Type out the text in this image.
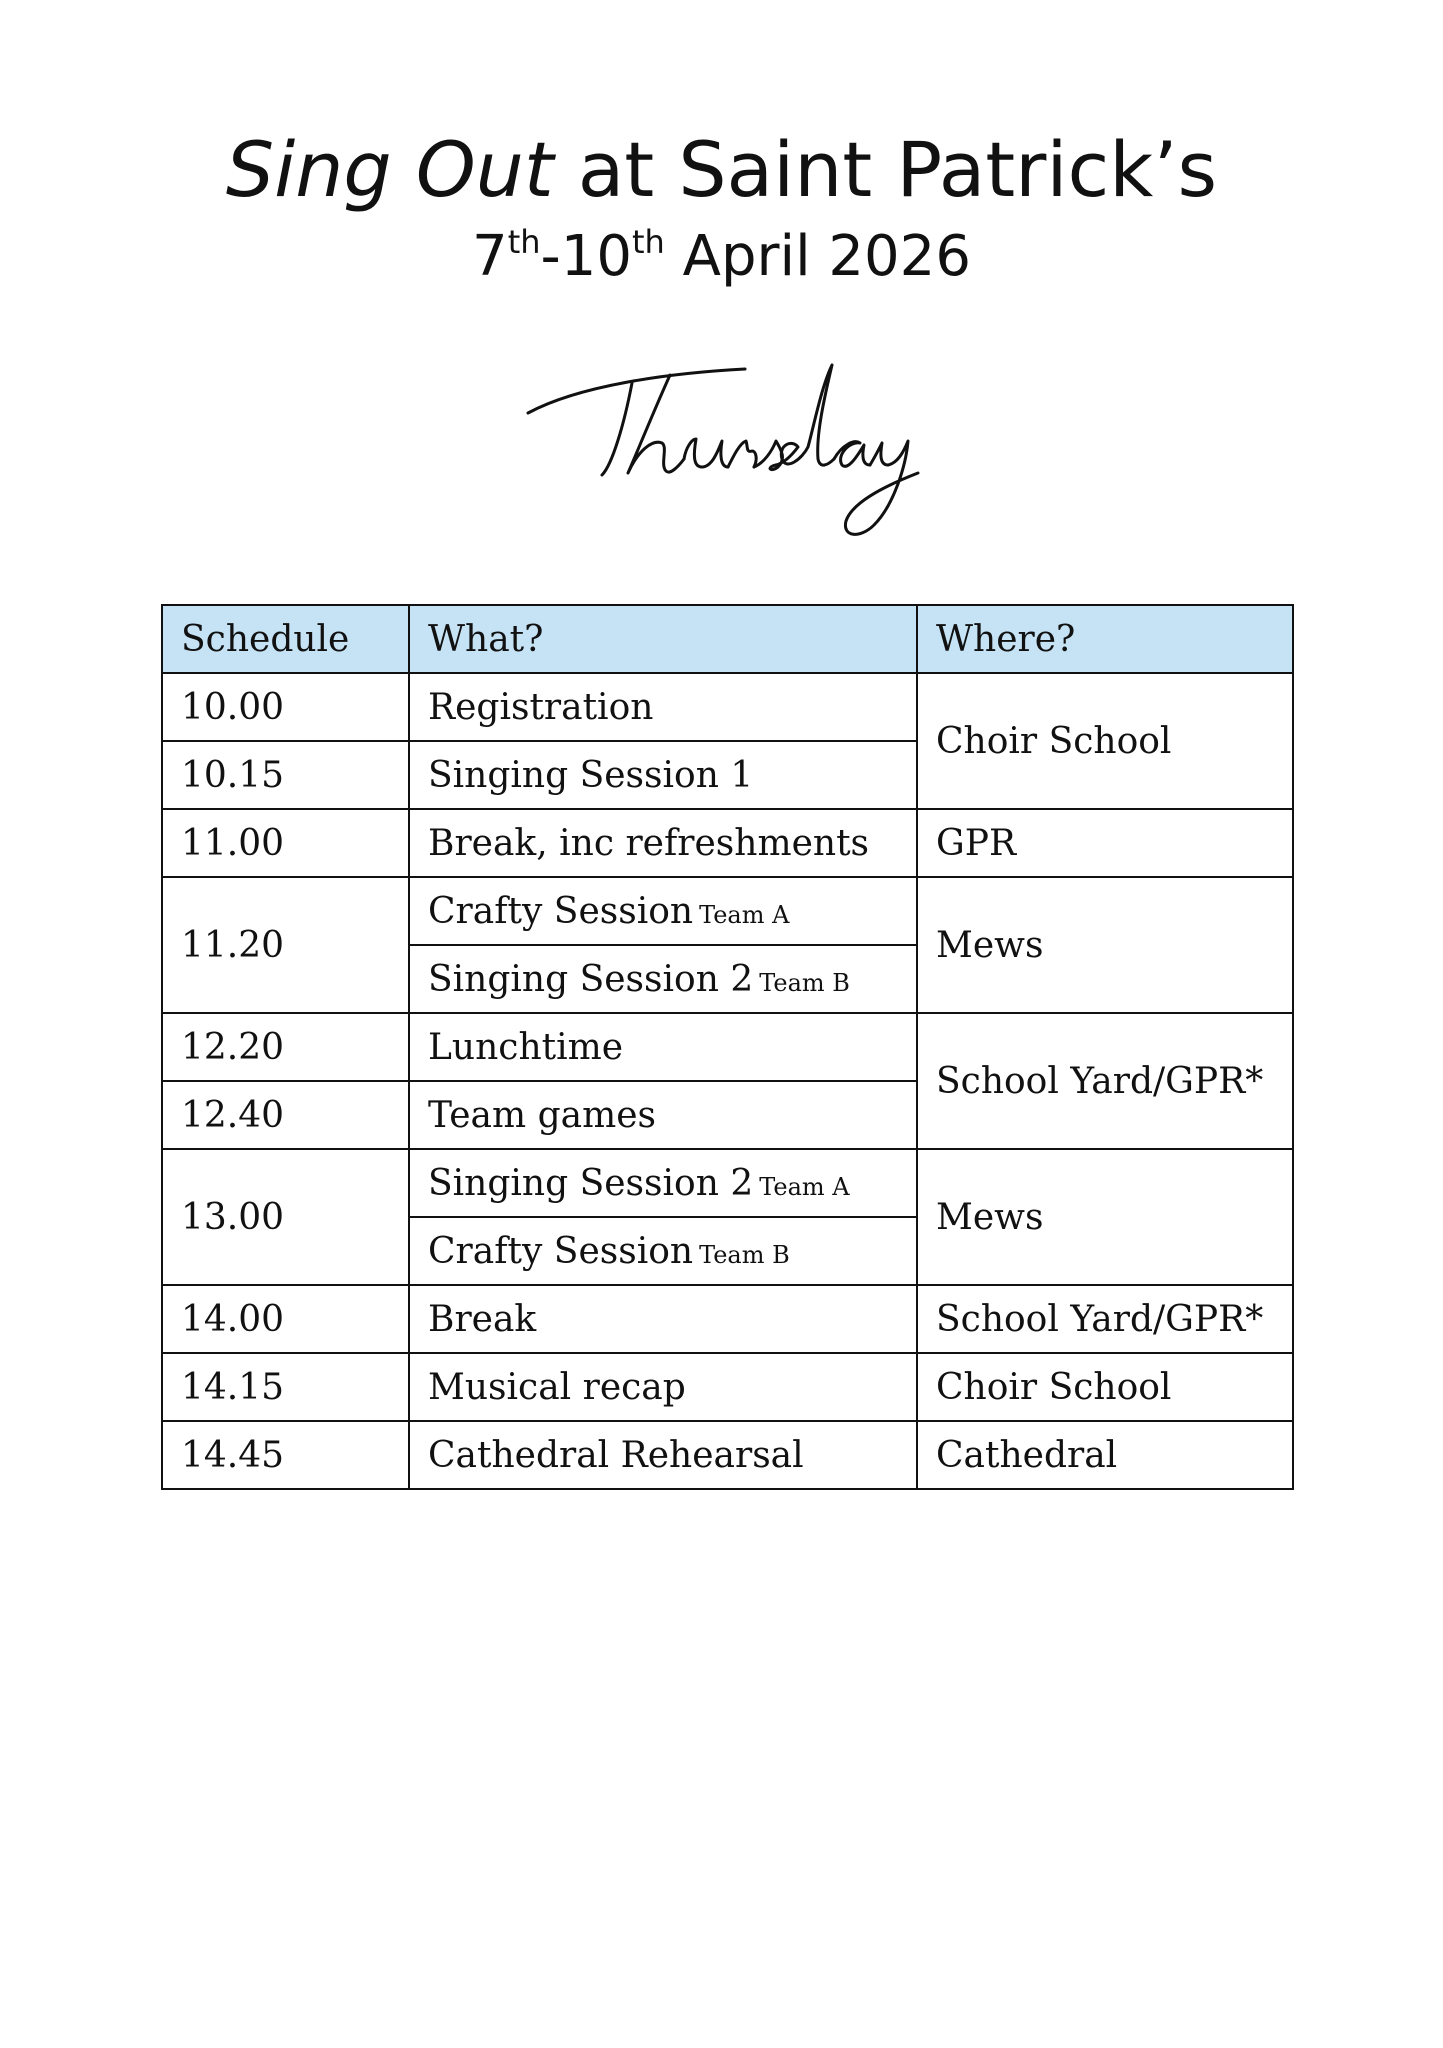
Sing Out at Saint Patrick’s
7th-10th April 2026
Schedule	What?	Where?
10.00	Registration	Choir School
10.15	Singing Session 1	
11.00	Break, inc refreshments	GPR
11.20	Crafty Session Team A	Mews
	Singing Session 2 Team B	
12.20	Lunchtime	School Yard/GPR*
12.40	Team games	
13.00	Singing Session 2 Team A	Mews
	Crafty Session Team B	
14.00	Break	School Yard/GPR*
14.15	Musical recap	Choir School
14.45	Cathedral Rehearsal	Cathedral
